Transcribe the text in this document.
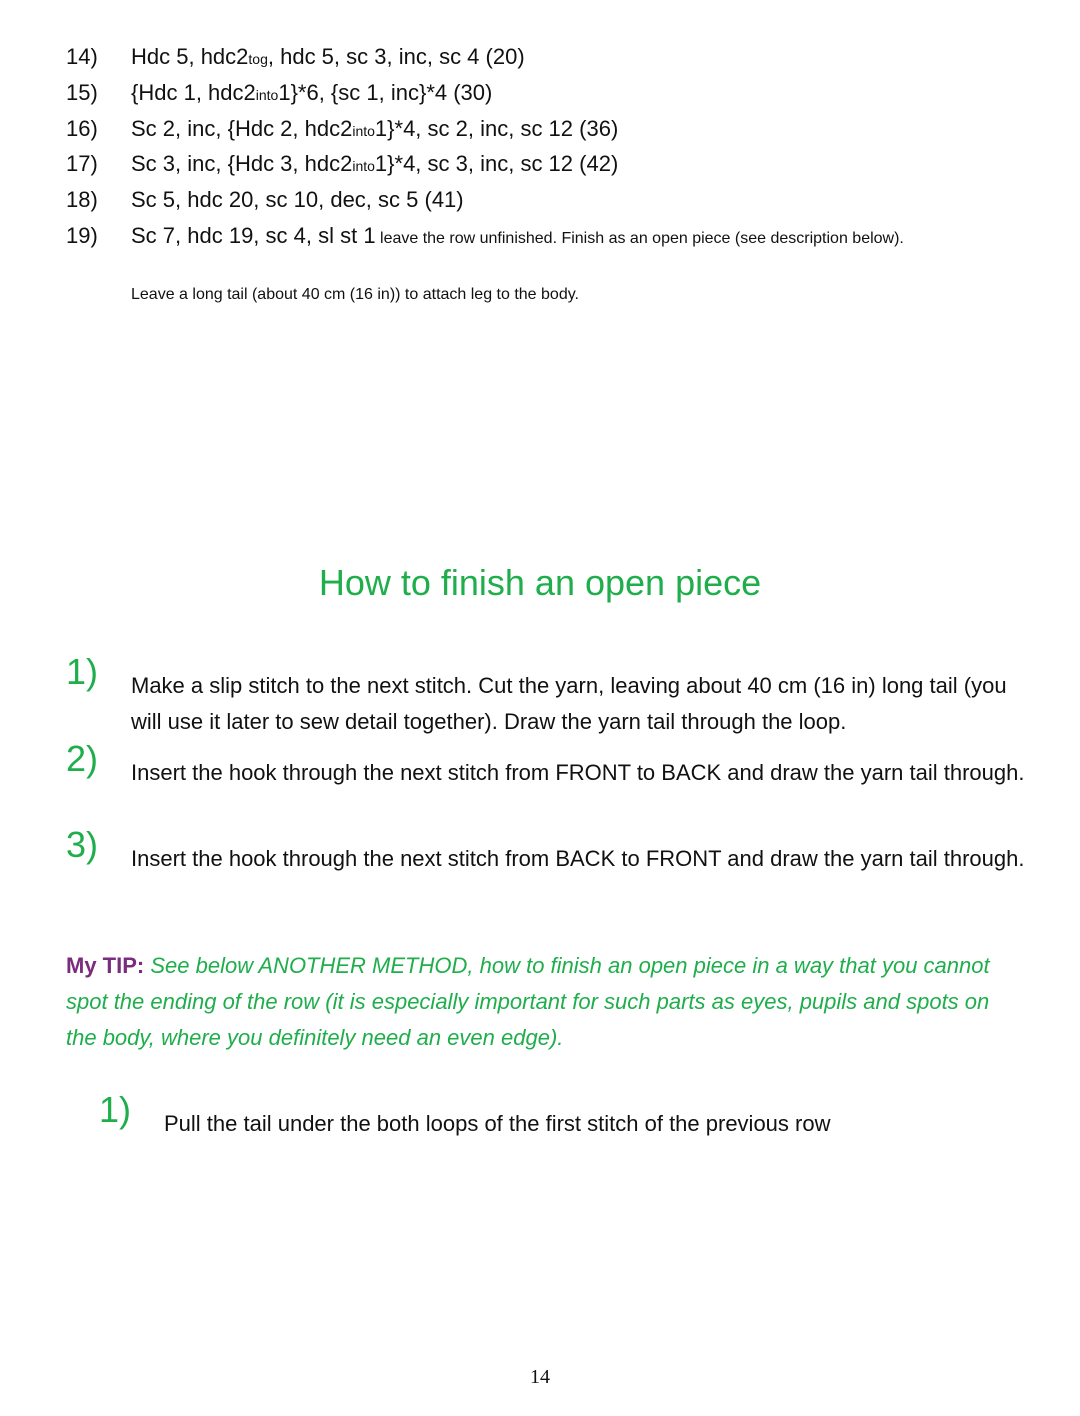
14)	Hdc 5, hdc2tog, hdc 5, sc 3, inc, sc 4 (20)
15)	{Hdc 1, hdc2into1}*6, {sc 1, inc}*4 (30)
16)	Sc 2, inc, {Hdc 2, hdc2into1}*4, sc 2, inc, sc 12 (36)
17)	Sc 3, inc, {Hdc 3, hdc2into1}*4, sc 3, inc, sc 12 (42)
18)	Sc 5, hdc 20, sc 10, dec, sc 5 (41)
19)	Sc 7, hdc 19, sc 4, sl st 1 leave the row unfinished. Finish as an open piece (see description below).
Leave a long tail (about 40 cm (16 in)) to attach leg to the body.
How to finish an open piece
1) Make a slip stitch to the next stitch. Cut the yarn, leaving about 40 cm (16 in) long tail (you will use it later to sew detail together). Draw the yarn tail through the loop.
2) Insert the hook through the next stitch from FRONT to BACK and draw the yarn tail through.
3) Insert the hook through the next stitch from BACK to FRONT and draw the yarn tail through.
My TIP: See below ANOTHER METHOD, how to finish an open piece in a way that you cannot spot the ending of the row (it is especially important for such parts as eyes, pupils and spots on the body, where you definitely need an even edge).
1) Pull the tail under the both loops of the first stitch of the previous row
14
